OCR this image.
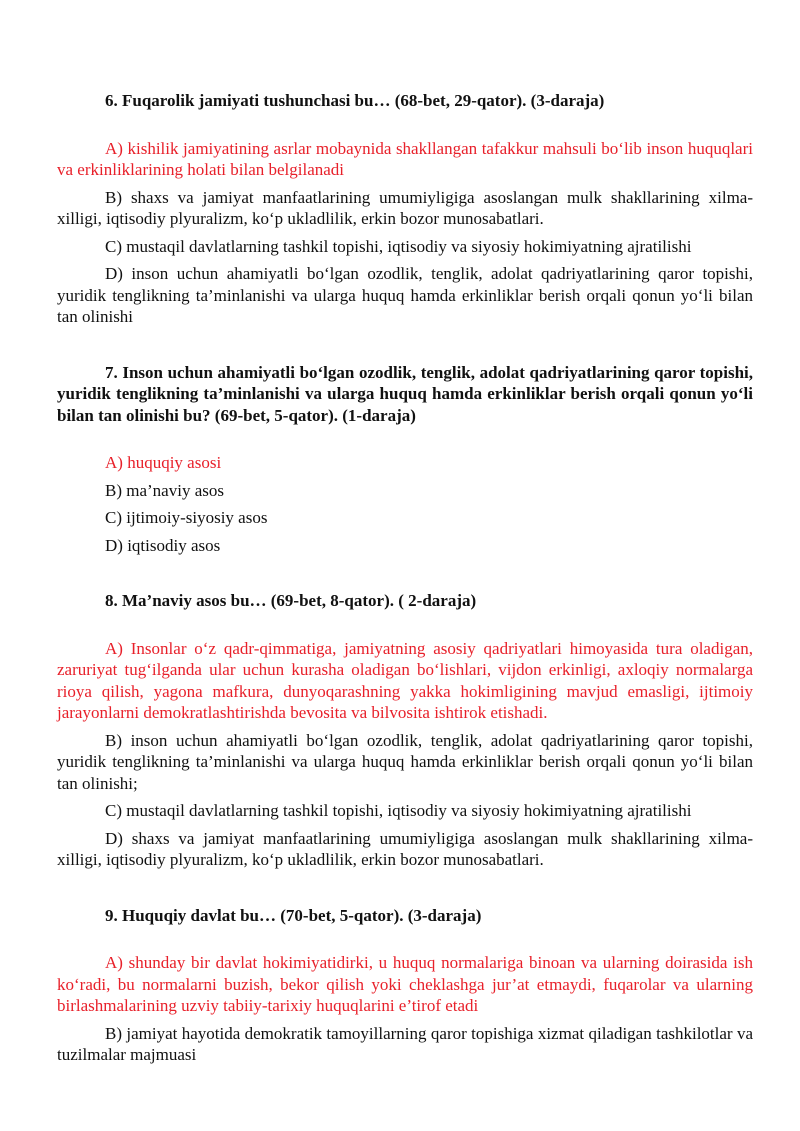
6. Fuqarolik jamiyati tushunchasi bu… (68-bet, 29-qator). (3-daraja)

A) kishilik jamiyatining asrlar mobaynida shakllangan tafakkur mahsuli bo‘lib inson huquqlari va erkinliklarining holati bilan belgilanadi

B) shaxs va jamiyat manfaatlarining umumiyligiga asoslangan mulk shakllarining xilma-xilligi, iqtisodiy plyuralizm, ko‘p ukladlilik, erkin bozor munosabatlari.

C) mustaqil davlatlarning tashkil topishi, iqtisodiy va siyosiy hokimiyatning ajratilishi

D) inson uchun ahamiyatli bo‘lgan ozodlik, tenglik, adolat qadriyatlarining qaror topishi, yuridik tenglikning ta’minlanishi va ularga huquq hamda erkinliklar berish orqali qonun yo‘li bilan tan olinishi

7. Inson uchun ahamiyatli bo‘lgan ozodlik, tenglik, adolat qadriyatlarining qaror topishi, yuridik tenglikning ta’minlanishi va ularga huquq hamda erkinliklar berish orqali qonun yo‘li bilan tan olinishi bu? (69-bet, 5-qator). (1-daraja)

A) huquqiy asosi

B) ma’naviy asos

C) ijtimoiy-siyosiy asos

D) iqtisodiy asos

8. Ma’naviy asos bu… (69-bet, 8-qator). ( 2-daraja)

A) Insonlar o‘z qadr-qimmatiga, jamiyatning asosiy qadriyatlari himoyasida tura oladigan, zaruriyat tug‘ilganda ular uchun kurasha oladigan bo‘lishlari, vijdon erkinligi, axloqiy normalarga rioya qilish, yagona mafkura, dunyoqarashning yakka hokimligining mavjud emasligi, ijtimoiy jarayonlarni demokratlashtirishda bevosita va bilvosita ishtirok etishadi.

B) inson uchun ahamiyatli bo‘lgan ozodlik, tenglik, adolat qadriyatlarining qaror topishi, yuridik tenglikning ta’minlanishi va ularga huquq hamda erkinliklar berish orqali qonun yo‘li bilan tan olinishi;

C) mustaqil davlatlarning tashkil topishi, iqtisodiy va siyosiy hokimiyatning ajratilishi

D) shaxs va jamiyat manfaatlarining umumiyligiga asoslangan mulk shakllarining xilma-xilligi, iqtisodiy plyuralizm, ko‘p ukladlilik, erkin bozor munosabatlari.

9. Huquqiy davlat bu… (70-bet, 5-qator). (3-daraja)

A) shunday bir davlat hokimiyatidirki, u huquq normalariga binoan va ularning doirasida ish ko‘radi, bu normalarni buzish, bekor qilish yoki cheklashga jur’at etmaydi, fuqarolar va ularning birlashmalarining uzviy tabiiy-tarixiy huquqlarini e’tirof etadi

B) jamiyat hayotida demokratik tamoyillarning qaror topishiga xizmat qiladigan tashkilotlar va tuzilmalar majmuasi
